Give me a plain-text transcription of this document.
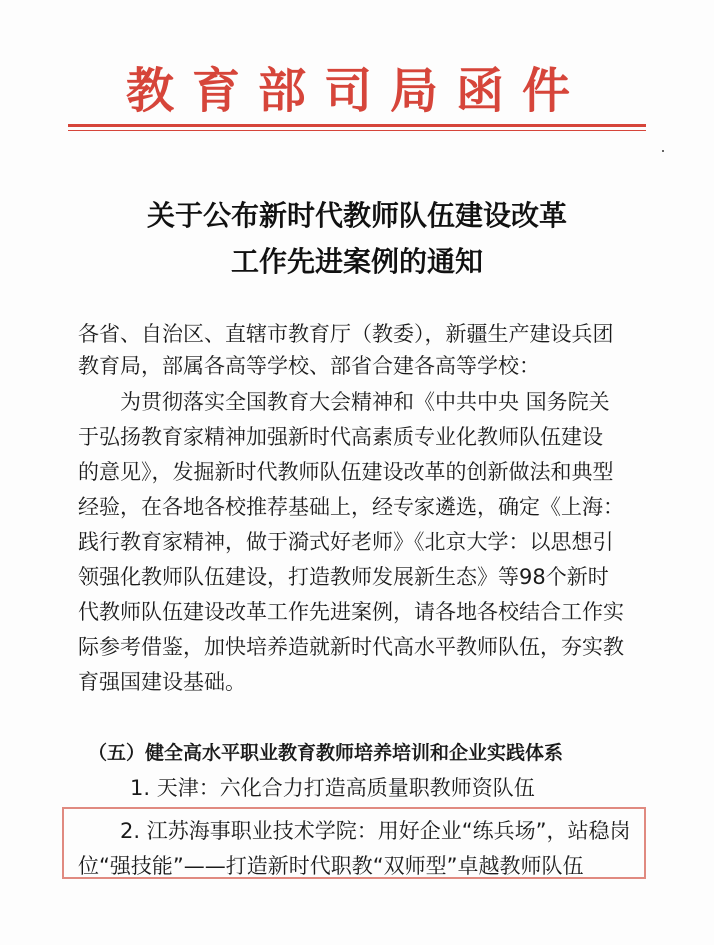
教育部司局函件
关于公布新时代教师队伍建设改革
工作先进案例的通知
各省、自治区、直辖市教育厅（教委），新疆生产建设兵团
教育局，部属各高等学校、部省合建各高等学校：
为贯彻落实全国教育大会精神和《中共中央 国务院关
于弘扬教育家精神加强新时代高素质专业化教师队伍建设
的意见》，发掘新时代教师队伍建设改革的创新做法和典型
经验，在各地各校推荐基础上，经专家遴选，确定《上海：
践行教育家精神，做于漪式好老师》《北京大学：以思想引
领强化教师队伍建设，打造教师发展新生态》等98个新时
代教师队伍建设改革工作先进案例，请各地各校结合工作实
际参考借鉴，加快培养造就新时代高水平教师队伍，夯实教
育强国建设基础。
（五）健全高水平职业教育教师培养培训和企业实践体系
1. 天津：六化合力打造高质量职教师资队伍
2. 江苏海事职业技术学院：用好企业“练兵场”，站稳岗
位“强技能”——打造新时代职教“双师型”卓越教师队伍
